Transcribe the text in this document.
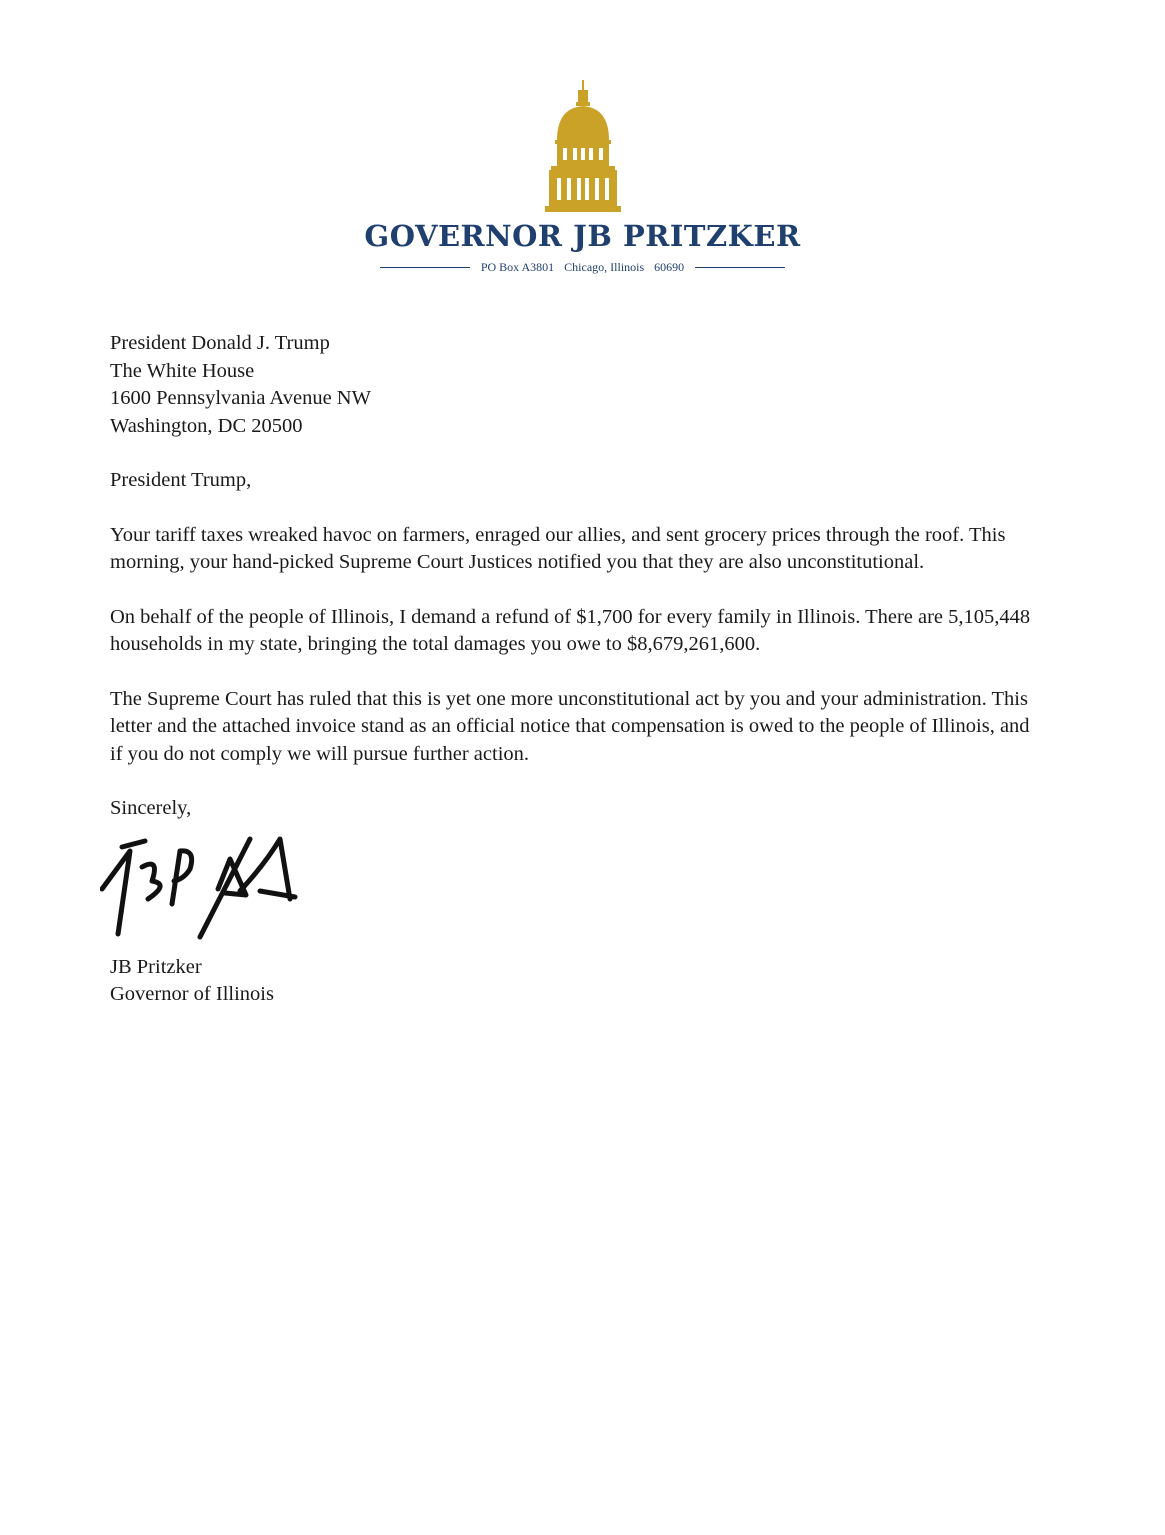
GOVERNOR JB PRITZKER
PO Box A3801 Chicago, Illinois 60690

President Donald J. Trump

The White House

1600 Pennsylvania Avenue NW

Washington, DC 20500

President Trump,

Your tariff taxes wreaked havoc on farmers, enraged our allies, and sent grocery prices through the roof. This morning, your hand-picked Supreme Court Justices notified you that they are also unconstitutional.

On behalf of the people of Illinois, I demand a refund of $1,700 for every family in Illinois. There are 5,105,448 households in my state, bringing the total damages you owe to $8,679,261,600.

The Supreme Court has ruled that this is yet one more unconstitutional act by you and your administration. This letter and the attached invoice stand as an official notice that compensation is owed to the people of Illinois, and if you do not comply we will pursue further action.

Sincerely,

JB Pritzker

Governor of Illinois
